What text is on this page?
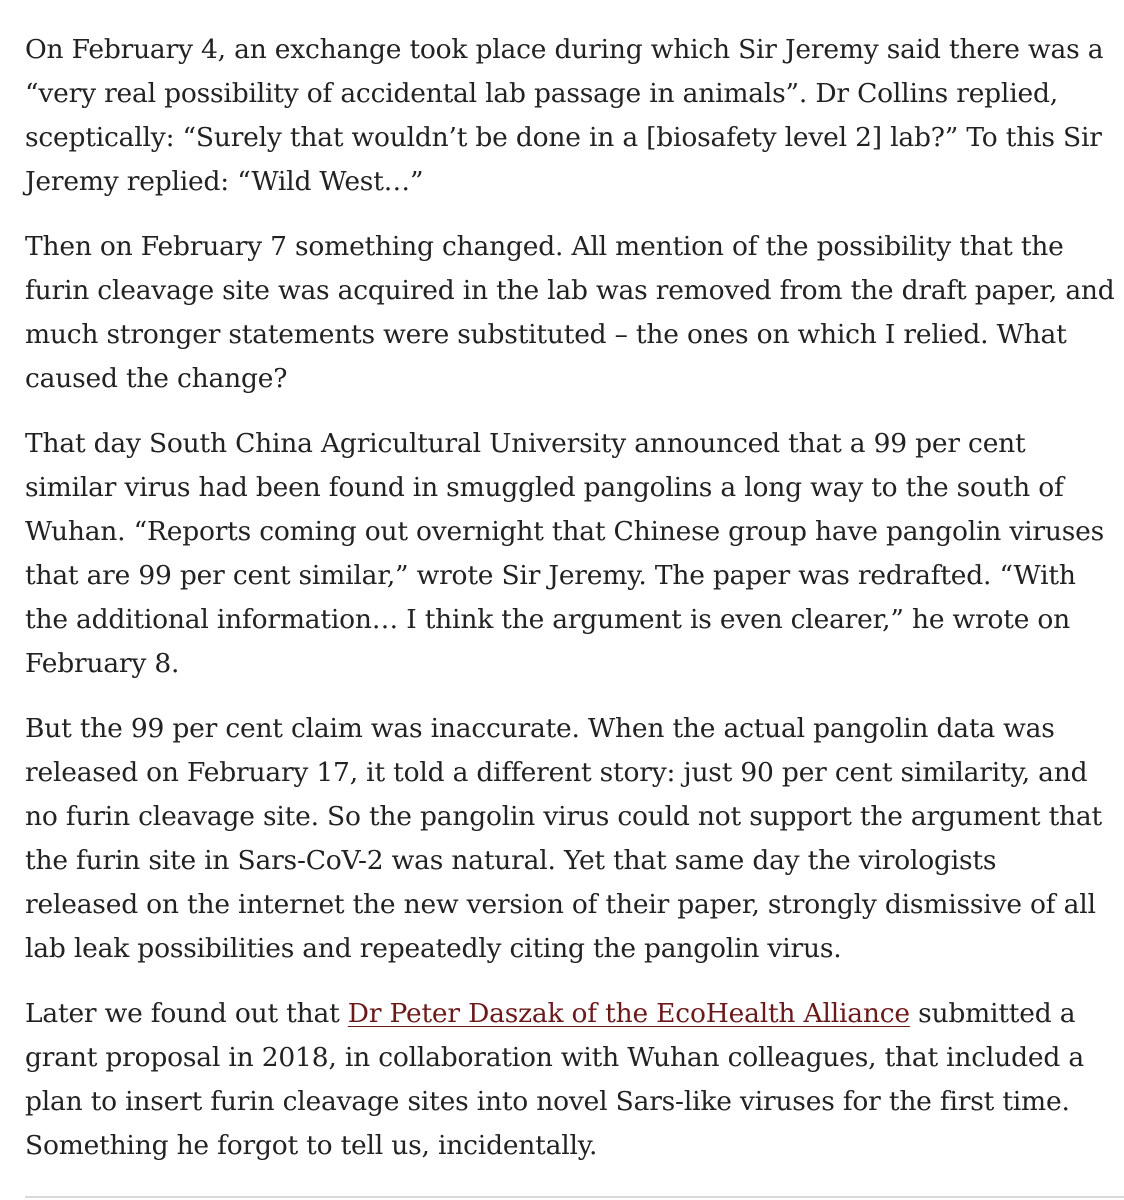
On February 4, an exchange took place during which Sir Jeremy said there was a “very real possibility of accidental lab passage in animals”. Dr Collins replied, sceptically: “Surely that wouldn’t be done in a [biosafety level 2] lab?” To this Sir Jeremy replied: “Wild West…”

Then on February 7 something changed. All mention of the possibility that the furin cleavage site was acquired in the lab was removed from the draft paper, and much stronger statements were substituted – the ones on which I relied. What caused the change?

That day South China Agricultural University announced that a 99 per cent similar virus had been found in smuggled pangolins a long way to the south of Wuhan. “Reports coming out overnight that Chinese group have pangolin viruses that are 99 per cent similar,” wrote Sir Jeremy. The paper was redrafted. “With the additional information… I think the argument is even clearer,” he wrote on February 8.

But the 99 per cent claim was inaccurate. When the actual pangolin data was released on February 17, it told a different story: just 90 per cent similarity, and no furin cleavage site. So the pangolin virus could not support the argument that the furin site in Sars-CoV-2 was natural. Yet that same day the virologists released on the internet the new version of their paper, strongly dismissive of all lab leak possibilities and repeatedly citing the pangolin virus.

Later we found out that Dr Peter Daszak of the EcoHealth Alliance submitted a grant proposal in 2018, in collaboration with Wuhan colleagues, that included a plan to insert furin cleavage sites into novel Sars-like viruses for the first time. Something he forgot to tell us, incidentally.
